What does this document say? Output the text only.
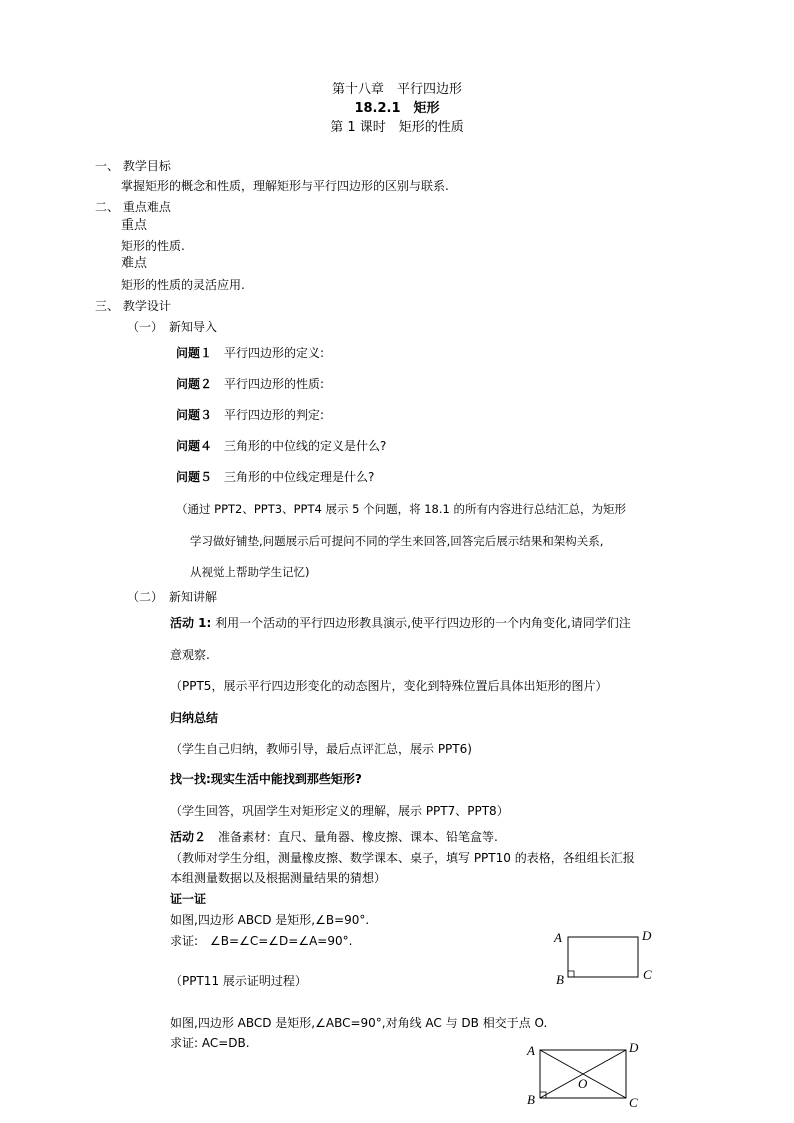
第十八章　平行四边形
18.2.1　矩形
第 1 课时　矩形的性质
一、 教学目标
掌握矩形的概念和性质，理解矩形与平行四边形的区别与联系.
二、 重点难点
重点
矩形的性质.
难点
矩形的性质的灵活应用.
三、 教学设计
（一）　新知导入
问题１ 平行四边形的定义:
问题２ 平行四边形的性质:
问题３ 平行四边形的判定:
问题４ 三角形的中位线的定义是什么?
问题５ 三角形的中位线定理是什么?
（通过 PPT2、PPT3、PPT4 展示 5 个问题，将 18.1 的所有内容进行总结汇总，为矩形
学习做好铺垫,问题展示后可提问不同的学生来回答,回答完后展示结果和架构关系,
从视觉上帮助学生记忆)
（二）　新知讲解
活动 1: 利用一个活动的平行四边形教具演示,使平行四边形的一个内角变化,请同学们注
意观察.
（PPT5，展示平行四边形变化的动态图片，变化到特殊位置后具体出矩形的图片）
归纳总结
（学生自己归纳，教师引导，最后点评汇总，展示 PPT6)
找一找:现实生活中能找到那些矩形?
（学生回答，巩固学生对矩形定义的理解，展示 PPT7、PPT8）
活动２ 准备素材：直尺、量角器、橡皮擦、课本、铅笔盒等.
（教师对学生分组，测量橡皮擦、数学课本、桌子，填写 PPT10 的表格，各组组长汇报
本组测量数据以及根据测量结果的猜想）
证一证
如图,四边形 ABCD 是矩形,∠B=90°.
求证:　∠B=∠C=∠D=∠A=90°.
（PPT11 展示证明过程）
如图,四边形 ABCD 是矩形,∠ABC=90°,对角线 AC 与 DB 相交于点 O.
求证: AC=DB.
A	D
B	C
A	D
B	C
O
